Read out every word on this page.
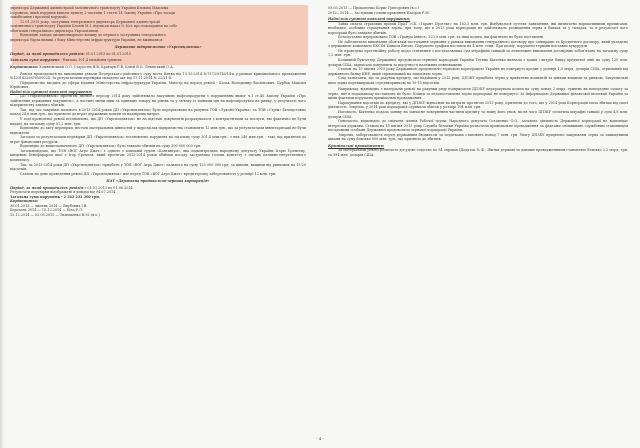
директора Державної адміністрації залізничного транспорту України Блохіна Максима

Ігоровича, який порушив вимоги пункту 2 частини 1 статті 14 Закону України «Про засади

запобігання і протидії корупції».

12.01.2015 року, заступник генерального директора Державної адміністрації

залізничного транспорту України Блохін М.І. підписав наказ № 8/ос про покладання на себе

обов'язків генерального директора Укрзалізниці.

Відповідні заходи дисциплінарного впливу до першого заступника генерального

директора Укрзалізниці з боку Міністерства інфраструктури України, не вживалися.

Державне підприємство «Укрспецзвязок»

Період, за який проводилась ревізія: 01.01.2013 по 01.01.2015

Загальна сума порушень - близько 301,4 мільйонів гривень.

Керівництво: Хомяківський О.Л, Старостін В.В, Кравчук Р.В, Клюй В.О, Левінський О.А.

Ревізія проводилася на виконання ухвали Печерського районного суду міста Києва від 13.10.2014 №757/29116/14-к у рамках кримінального провадження №12014220670000024. За результатами перевірки складено акт від 17.11.2014 № 22/21-4.

Підприємство входить до сфери відання Міністерства інфраструктури України. Міністр на період ревізії - Козак Володимир Васильович, Бурбак Максим Юрійович.

Найбільш суттєві виявлені порушення:

ДП «Укрспецзвязок» протягом звітного періоду 2014 року здійснювало закупівлю нафтопродуктів з порушенням вимог ч.1 ст.40 Закону України «Про здійснення державних закупівель», а частині зміни ціни за одиницю товару на рівень та у зв'язку із змінами цін на нафтопродукти на ринку, у результаті чого підприємству завдано збитків.

Так, під час закупівлі пального в 2013-2014 роках ДП «Укрспецзвязок» було перераховано на рахунок ТОВ «Лукойл-Україна» та ТОВ «Стрім» безпідставно понад 24,6 млн.грн., що призвело до втрат державних коштів та надмірних витрат.

У ході проведеної ревізії встановлено, що ДП «Укрспецзвязок» не на підставі документів розрахувалося з контрагентами за послуги, які фактично не були надані, на загальну суму 51,2 млн. грн.

Відповідно до акту перевірки, нестачі матеріальних цінностей у підрозділах підприємства становлять 12 млн.грн., що за результатами інвентаризації не були відновлені.

Загалом за результатами перевірки ДП «Укрспецзвязок» встановлено порушень на загальну суму 301,4 млн.грн., з них 240 млн.грн. - такі, що призвели до втрат фінансових ресурсів.

Відповідно до вищезазначеного ДП «Укрспецзвязок» було завдано збитків на суму 300 000 000 грн.

Загальновідомо, що ТОВ «ВОГ Агро Джет» є однією з компаній групи «Континіум», яка підконтрольна народному депутату України Ігорю Єремєєву, кінцевим бенефіціаром якої є Ігор Єремєєв, який протягом 2012-2014 років обіймав посаду заступника голови комітету з питань паливно-енергетичного комплексу.

Так, за 2013-2014 роки ДП «Укрспецзвязок» придбало у ТОВ «ВОГ Агро Джет» пального на суму 125 000 000 грн. за цінами, вищими від ринкових на 15-20 відсотків.

Станом на день проведення ревізії ДП «Укрспецзвязок» має перед ТОВ «ВОГ Агро Джет» кредиторську заборгованість у розмірі 12 млн. грн.

ПАТ «Державна продовольчо-зернова корпорація»

Період, за який проводилась ревізія з 01.01.2013 по 01.06.2014.

Результати перевірки відображені в довідці від 04.07.2014.

Загальна сума порушень - 2 342 232 300 грн.

Керівництво:

30.01.2013 — липень 2014 — Якубович І.В.

Березень 2014 — 15.12.2014 — Біла Р.Л.

15.12.2014 — 05.05.2015 — Тимошенко В.М. (в.о.)

05.05.2015 — Прокопенко Борис Григорович (в.о.)

2012—2014 — Заступник голови правління Насіров Р.М.

Найбільш суттєві виявлені порушення:

Зайва сплата страхових премій ПрАТ «СК «Гарант Протект» на 162,3 млн. грн. Відбувалося суттєве завищення, які визначено нормативними приписами, необхідно, особливо страхування зерна, при тому, що в 2013 році корпорація не здійснювала розміщення зерна в банках та у складах, та в результаті чого корпорації було завдано збитків.

Безпідставно перераховано ТОВ «Гранум Інвест» 323,9 млн. грн. та інші кошти, які фактично не були поставлені.

Не забезпечено виконання обов'язків постачання зернових у рамках виконання генерального договору про співпрацю та Кредитного договору, який укладено з державною компанією ЕКСІМ Банком Китаю. Порушено графіки поставок на 4 млн. тонн. При цьому, порушено терміни поставки кукурудзи.

Не проведено претензійну роботу щодо стягнення з постачальника сум штрафних санкцій за неналежне виконання договірних зобов'язань на загальну суму 1,2 млн. грн.

Колишній бухгалтер Державної продовольчо-зернової корпорації України Тетяна Кіктенко визнала з кошів і витрат банку кредитної лінії на суму 120 млн. доларів США, підписала документи за відсутності належних повноважень.

Станом на 15 квітня 2015 року Державною продовольчо-зерновою корпорацією України не повернуто кредит у розмірі 1,5 млрд. доларів США, отриманий від державного банку КНР, який спрямований на закупівлю зерна.

Слід зазначити, що за рахунок кредиту, що надійшов у 2012 році, ДПЗКУ придбала зерно у приватних компаній за цінами вищими за ринкові. Закупівельні ціни зерна перевищували середньоринкові на 10-15 відсотків.

Наприклад, відповідно з матеріалів ревізії на рахунки ряду підприємств ДПЗКУ перерахувала кошти на суму понад 2 млрд. гривень як попередню оплату за зерно, яке в подальшому поставлене не було. Кошти за недопоставлене зерно корпорації не повернуто. За інформацією Державної фінансової інспекції України за цими фактами порушено кримінальні провадження.

Нарахування відсотків по кредиту, які у ДПЗКУ відносили на витрати протягом 2013 року, призвели до того, що у 2014 році Корпорація мала збитки від своєї діяльності. Зокрема, у 2014 році корпорація отримала збиток у розмірі 194 млн. грн.

Натомість, Кіктенко подала заявку на завчасне повернення частини кредиту та зміну його умов, після чого ДПЗКУ сплатила штрафні санкції у сумі 4,8 млн. доларів США.

Одночасно, відповідно до свідчень членів Робочої групи, Народного депутата Остапенко О.О., загальна діяльність Державної корпорації не відповідає інтересам держави. Станом на 15 квітня 2015 року Служба безпеки України розпочала кримінальне провадження за фактами зловживань службовим становищем посадовими особами Державної продовольчо-зернової корпорації України.

Зокрема, заборгованість перед державним бюджетом за податками становить понад 7 млн. грн. Увагу ДПЗКУ приділено закупівлям зерна за завищеними цінами на суму близько 500 млн. грн., що призвело до збитків.

Кримінальні провадження:

За матеріалами ревізії розпочато досудове слідство по 94 справах (Додаток № 4). Збитки державі за даними провадженнями становлять близько 2,2 млрд. грн. та 394 млн. доларів США.

- 4 -
